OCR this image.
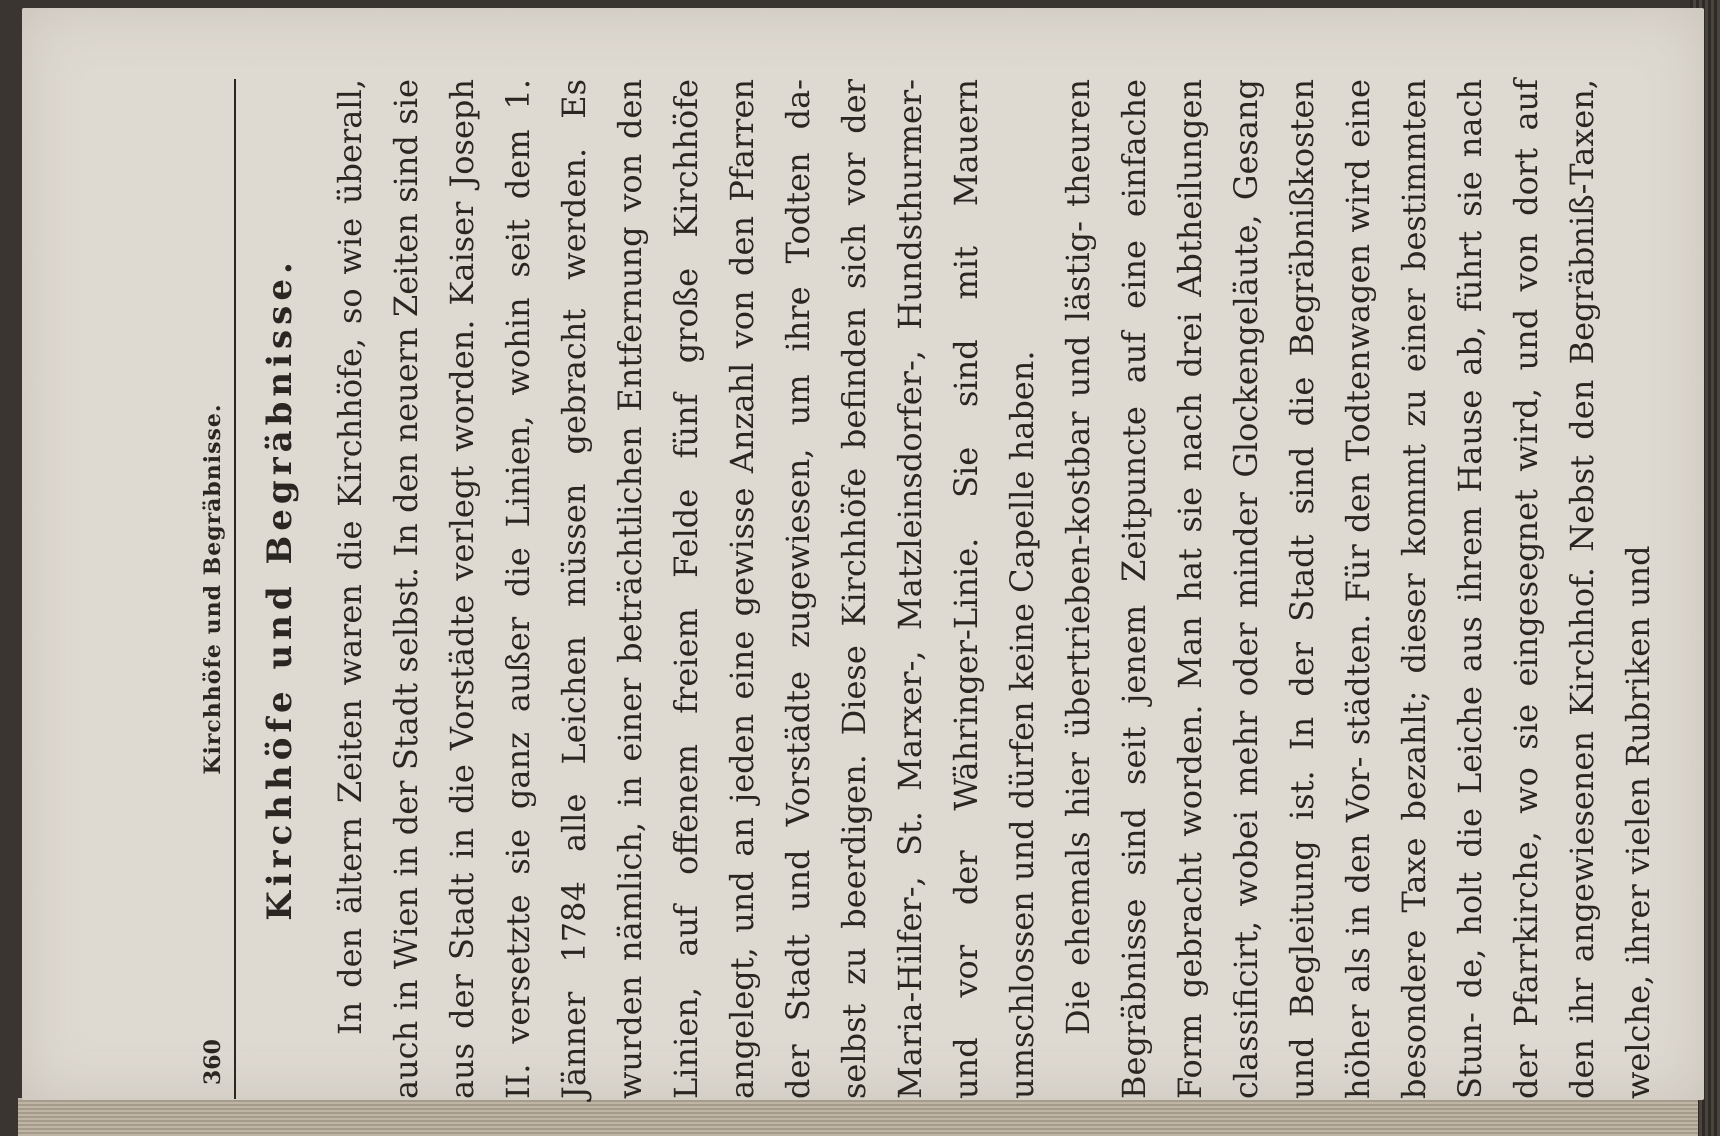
360
Kirchhöfe und Begräbnisse. Kirchhöfe und Begräbnisse. In den ältern Zeiten waren die Kirchhöfe, so wie überall, auch in Wien in der Stadt selbst. In den neuern Zeiten sind sie aus der Stadt in die Vorstädte verlegt worden. Kaiser Joseph II. versetzte sie ganz außer die Linien, wohin seit dem 1. Jänner 1784 alle Leichen müssen gebracht werden. Es wurden nämlich, in einer beträchtlichen Entfernung von den Linien, auf offenem freiem Felde fünf große Kirchhöfe angelegt, und an jeden eine gewisse Anzahl von den Pfarren der Stadt und Vorstädte zugewiesen, um ihre Todten da- selbst zu beerdigen. Diese Kirchhöfe befinden sich vor der Maria-Hilfer-, St. Marxer-, Matzleinsdorfer-, Hundsthurmer- und vor der Währinger-Linie. Sie sind mit Mauern umschlossen und dürfen keine Capelle haben. Die ehemals hier übertrieben-kostbar und lästig- theuren Begräbnisse sind seit jenem Zeitpuncte auf eine einfache Form gebracht worden. Man hat sie nach drei Abtheilungen classificirt, wobei mehr oder minder Glockengeläute, Gesang und Begleitung ist. In der Stadt sind die Begräbnißkosten höher als in den Vor- städten. Für den Todtenwagen wird eine besondere Taxe bezahlt; dieser kommt zu einer bestimmten Stun- de, holt die Leiche aus ihrem Hause ab, führt sie nach der Pfarrkirche, wo sie eingesegnet wird, und von dort auf den ihr angewiesenen Kirchhof. Nebst den Begräbniß-Taxen, welche, ihrer vielen Rubriken und
